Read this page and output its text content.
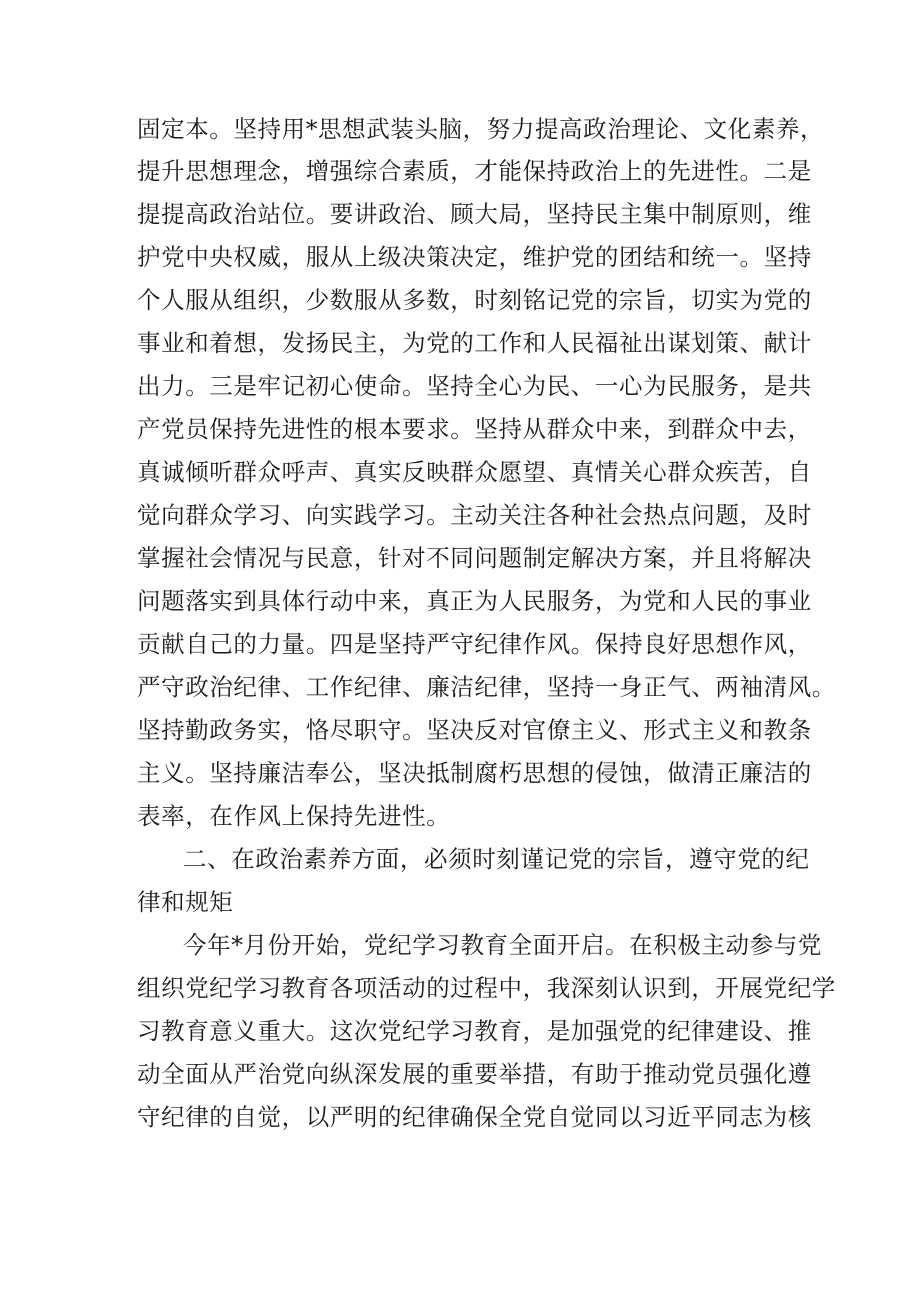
固定本。坚持用*思想武装头脑，努力提高政治理论、文化素养，
提升思想理念，增强综合素质，才能保持政治上的先进性。二是
提提高政治站位。要讲政治、顾大局，坚持民主集中制原则，维
护党中央权威，服从上级决策决定，维护党的团结和统一。坚持
个人服从组织，少数服从多数，时刻铭记党的宗旨，切实为党的
事业和着想，发扬民主，为党的工作和人民福祉出谋划策、献计
出力。三是牢记初心使命。坚持全心为民、一心为民服务，是共
产党员保持先进性的根本要求。坚持从群众中来，到群众中去，
真诚倾听群众呼声、真实反映群众愿望、真情关心群众疾苦，自
觉向群众学习、向实践学习。主动关注各种社会热点问题，及时
掌握社会情况与民意，针对不同问题制定解决方案，并且将解决
问题落实到具体行动中来，真正为人民服务，为党和人民的事业
贡献自己的力量。四是坚持严守纪律作风。保持良好思想作风，
严守政治纪律、工作纪律、廉洁纪律，坚持一身正气、两袖清风。
坚持勤政务实，恪尽职守。坚决反对官僚主义、形式主义和教条
主义。坚持廉洁奉公，坚决抵制腐朽思想的侵蚀，做清正廉洁的
表率，在作风上保持先进性。
二、在政治素养方面，必须时刻谨记党的宗旨，遵守党的纪
律和规矩
今年*月份开始，党纪学习教育全面开启。在积极主动参与党
组织党纪学习教育各项活动的过程中，我深刻认识到，开展党纪学
习教育意义重大。这次党纪学习教育，是加强党的纪律建设、推
动全面从严治党向纵深发展的重要举措，有助于推动党员强化遵
守纪律的自觉，以严明的纪律确保全党自觉同以习近平同志为核
